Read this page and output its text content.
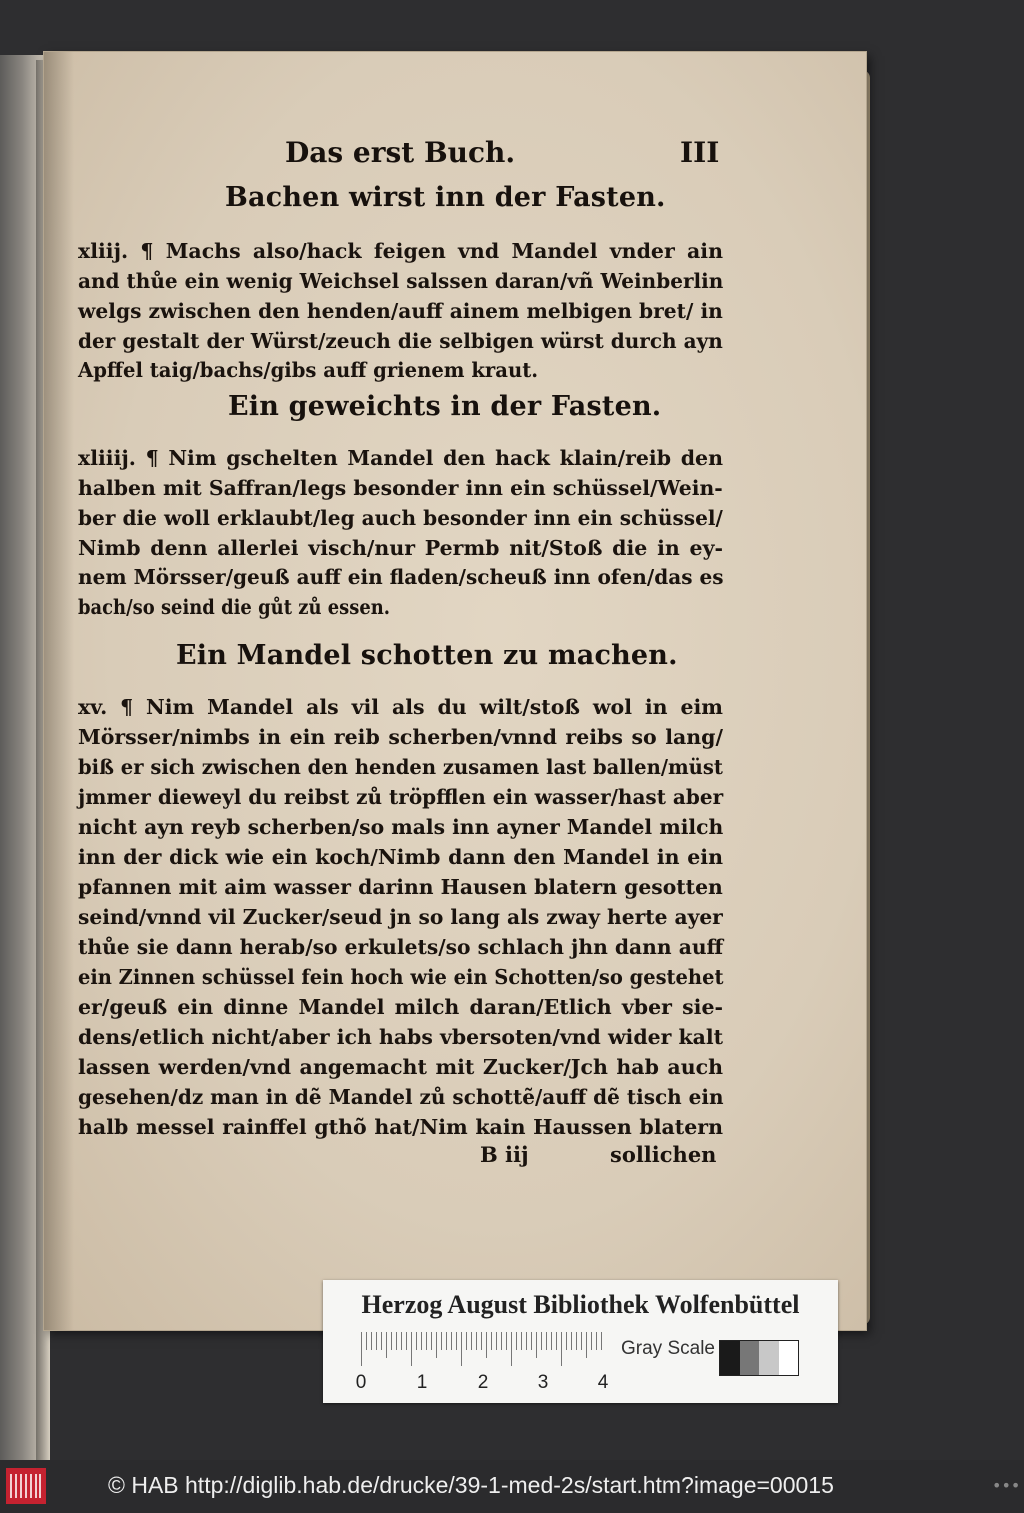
Das erst Buch.	III
Bachen wirst inn der Fasten.
xliij. ¶ Machs also/hack feigen vnd Mandel vnder ain
and thůe ein wenig Weichsel salssen daran/vñ Weinberlin
welgs zwischen den henden/auff ainem melbigen bret/ in
der gestalt der Würst/zeuch die selbigen würst durch ayn
Apffel taig/bachs/gibs auff grienem kraut.
Ein geweichts in der Fasten.
xliiij. ¶ Nim gschelten Mandel den hack klain/reib den
halben mit Saffran/legs besonder inn ein schüssel/Wein-
ber die woll erklaubt/leg auch besonder inn ein schüssel/
Nimb denn allerlei visch/nur Permb nit/Stoß die in ey-
nem Mörsser/geuß auff ein fladen/scheuß inn ofen/das es
bach/so seind die gůt zů essen.
Ein Mandel schotten zu machen.
xv. ¶ Nim Mandel als vil als du wilt/stoß wol in eim
Mörsser/nimbs in ein reib scherben/vnnd reibs so lang/
biß er sich zwischen den henden zusamen last ballen/müst
jmmer dieweyl du reibst zů tröpfflen ein wasser/hast aber
nicht ayn reyb scherben/so mals inn ayner Mandel milch
inn der dick wie ein koch/Nimb dann den Mandel in ein
pfannen mit aim wasser darinn Hausen blatern gesotten
seind/vnnd vil Zucker/seud jn so lang als zway herte ayer
thůe sie dann herab/so erkulets/so schlach jhn dann auff
ein Zinnen schüssel fein hoch wie ein Schotten/so gestehet
er/geuß ein dinne Mandel milch daran/Etlich vber sie-
dens/etlich nicht/aber ich habs vbersoten/vnd wider kalt
lassen werden/vnd angemacht mit Zucker/Jch hab auch
gesehen/dz man in dẽ Mandel zů schottẽ/auff dẽ tisch ein
halb messel rainffel gthõ hat/Nim kain Haussen blatern
B iij	sollichen
Herzog August Bibliothek Wolfenbüttel
0	1	2	3	4
Gray Scale
© HAB http://diglib.hab.de/drucke/39-1-med-2s/start.htm?image=00015	•••
